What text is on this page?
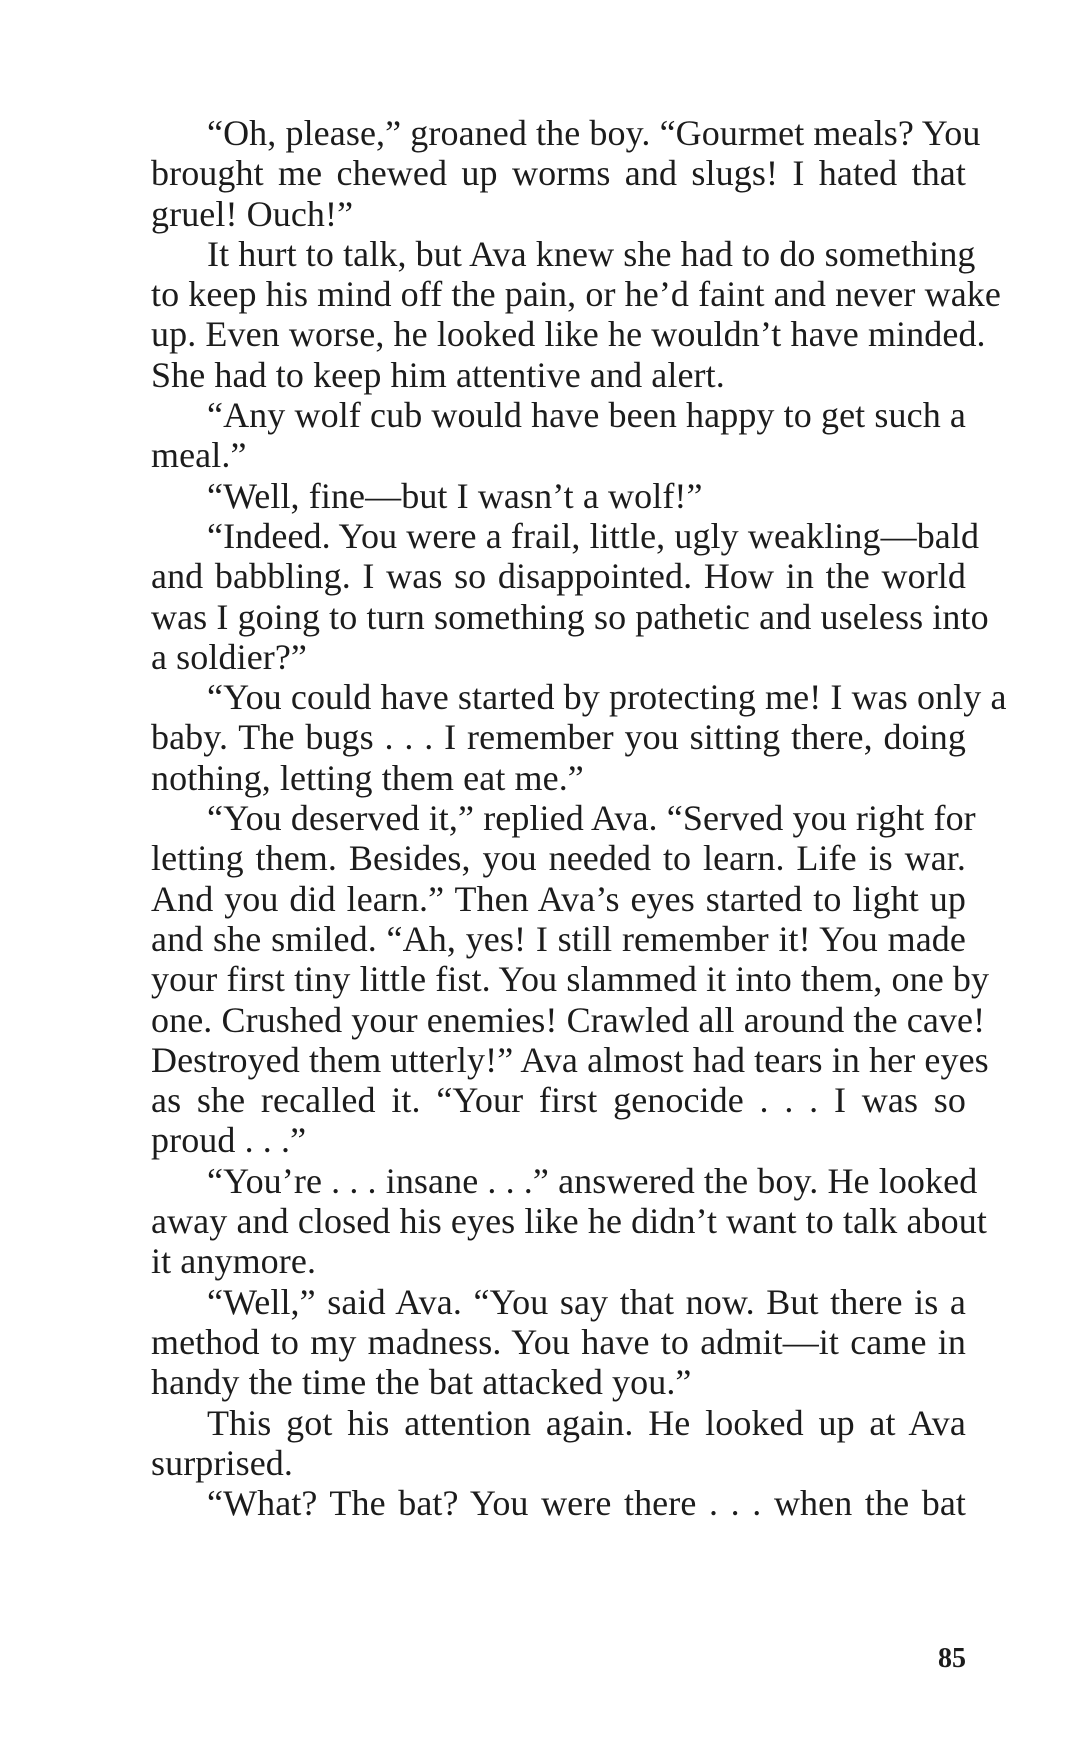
“Oh, please,” groaned the boy. “Gourmet meals? You
brought me chewed up worms and slugs! I hated that
gruel! Ouch!”

It hurt to talk, but Ava knew she had to do something
to keep his mind off the pain, or he’d faint and never wake
up. Even worse, he looked like he wouldn’t have minded.
She had to keep him attentive and alert.

“Any wolf cub would have been happy to get such a
meal.”

“Well, fine—but I wasn’t a wolf!”

“Indeed. You were a frail, little, ugly weakling—bald
and babbling. I was so disappointed. How in the world
was I going to turn something so pathetic and useless into
a soldier?”

“You could have started by protecting me! I was only a
baby. The bugs . . . I remember you sitting there, doing
nothing, letting them eat me.”

“You deserved it,” replied Ava. “Served you right for
letting them. Besides, you needed to learn. Life is war.
And you did learn.” Then Ava’s eyes started to light up
and she smiled. “Ah, yes! I still remember it! You made
your first tiny little fist. You slammed it into them, one by
one. Crushed your enemies! Crawled all around the cave!
Destroyed them utterly!” Ava almost had tears in her eyes
as she recalled it. “Your first genocide . . . I was so
proud . . .”

“You’re . . . insane . . .” answered the boy. He looked
away and closed his eyes like he didn’t want to talk about
it anymore.

“Well,” said Ava. “You say that now. But there is a
method to my madness. You have to admit—it came in
handy the time the bat attacked you.”

This got his attention again. He looked up at Ava
surprised.

“What? The bat? You were there . . . when the bat

85
